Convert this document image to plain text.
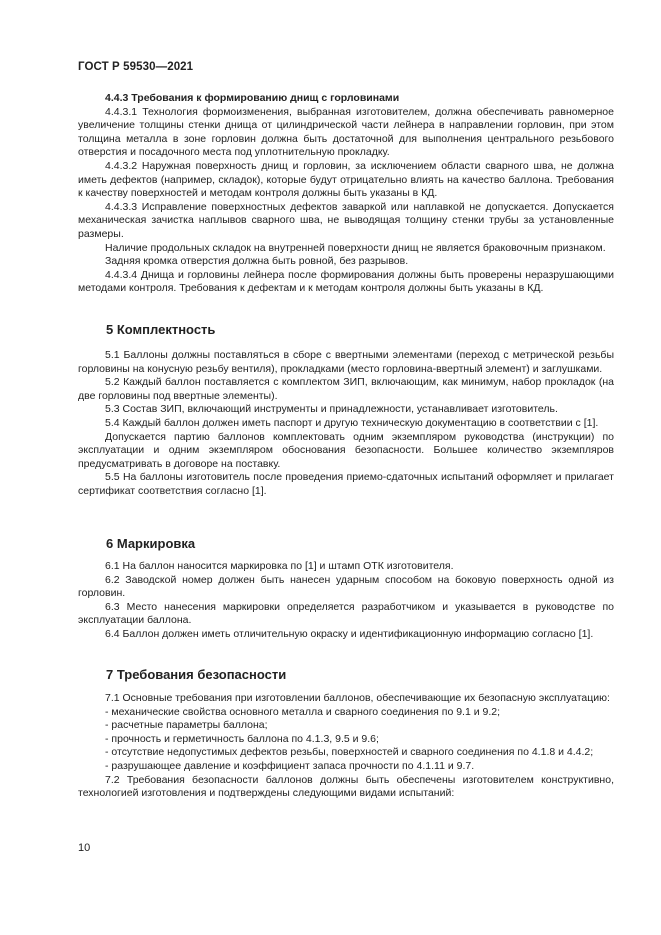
ГОСТ Р 59530—2021

4.4.3 Требования к формированию днищ с горловинами

4.4.3.1 Технология формоизменения, выбранная изготовителем, должна обеспечивать равномерное увеличение толщины стенки днища от цилиндрической части лейнера в направлении горловин, при этом толщина металла в зоне горловин должна быть достаточной для выполнения центрального резьбового отверстия и посадочного места под уплотнительную прокладку.

4.4.3.2 Наружная поверхность днищ и горловин, за исключением области сварного шва, не должна иметь дефектов (например, складок), которые будут отрицательно влиять на качество баллона. Требования к качеству поверхностей и методам контроля должны быть указаны в КД.

4.4.3.3 Исправление поверхностных дефектов заваркой или наплавкой не допускается. Допускается механическая зачистка наплывов сварного шва, не выводящая толщину стенки трубы за установленные размеры.

Наличие продольных складок на внутренней поверхности днищ не является браковочным признаком.

Задняя кромка отверстия должна быть ровной, без разрывов.

4.4.3.4 Днища и горловины лейнера после формирования должны быть проверены неразрушающими методами контроля. Требования к дефектам и к методам контроля должны быть указаны в КД.

5 Комплектность

5.1 Баллоны должны поставляться в сборе с ввертными элементами (переход с метрической резьбы горловины на конусную резьбу вентиля), прокладками (место горловина-ввертный элемент) и заглушками.

5.2 Каждый баллон поставляется с комплектом ЗИП, включающим, как минимум, набор прокладок (на две горловины под ввертные элементы).

5.3 Состав ЗИП, включающий инструменты и принадлежности, устанавливает изготовитель.

5.4 Каждый баллон должен иметь паспорт и другую техническую документацию в соответствии с [1].

Допускается партию баллонов комплектовать одним экземпляром руководства (инструкции) по эксплуатации и одним экземпляром обоснования безопасности. Большее количество экземпляров предусматривать в договоре на поставку.

5.5 На баллоны изготовитель после проведения приемо-сдаточных испытаний оформляет и прилагает сертификат соответствия согласно [1].

6 Маркировка

6.1 На баллон наносится маркировка по [1] и штамп ОТК изготовителя.

6.2 Заводской номер должен быть нанесен ударным способом на боковую поверхность одной из горловин.

6.3 Место нанесения маркировки определяется разработчиком и указывается в руководстве по эксплуатации баллона.

6.4 Баллон должен иметь отличительную окраску и идентификационную информацию согласно [1].

7 Требования безопасности

7.1 Основные требования при изготовлении баллонов, обеспечивающие их безопасную эксплуатацию:

- механические свойства основного металла и сварного соединения по 9.1 и 9.2;

- расчетные параметры баллона;

- прочность и герметичность баллона по 4.1.3, 9.5 и 9.6;

- отсутствие недопустимых дефектов резьбы, поверхностей и сварного соединения по 4.1.8 и 4.4.2;

- разрушающее давление и коэффициент запаса прочности по 4.1.11 и 9.7.

7.2 Требования безопасности баллонов должны быть обеспечены изготовителем конструктивно, технологией изготовления и подтверждены следующими видами испытаний:

10
